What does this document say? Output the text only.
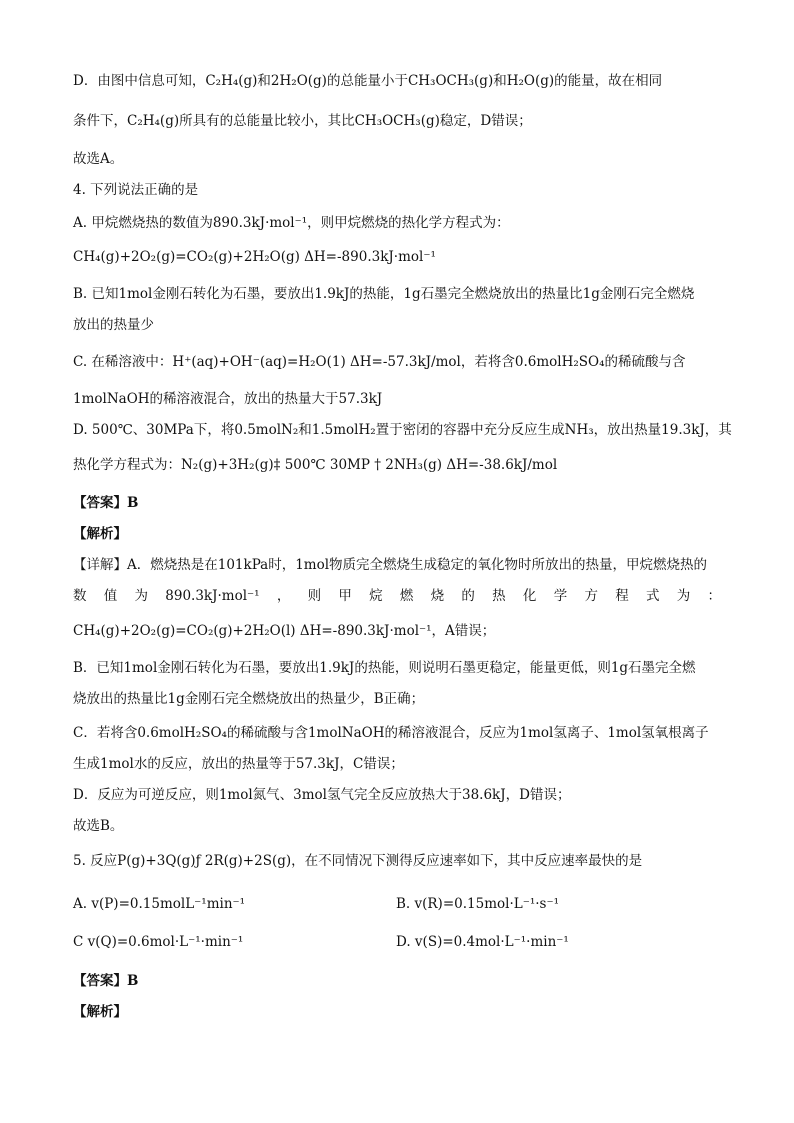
D．由图中信息可知，C₂H₄(g)和2H₂O(g)的总能量小于CH₃OCH₃(g)和H₂O(g)的能量，故在相同
条件下，C₂H₄(g)所具有的总能量比较小，其比CH₃OCH₃(g)稳定，D错误；
故选A。
4. 下列说法正确的是
A. 甲烷燃烧热的数值为890.3kJ·mol⁻¹，则甲烷燃烧的热化学方程式为：
CH₄(g)+2O₂(g)=CO₂(g)+2H₂O(g) ΔH=-890.3kJ·mol⁻¹
B. 已知1mol金刚石转化为石墨，要放出1.9kJ的热能，1g石墨完全燃烧放出的热量比1g金刚石完全燃烧
放出的热量少
C. 在稀溶液中：H⁺(aq)+OH⁻(aq)=H₂O(1) ΔH=-57.3kJ/mol，若将含0.6molH₂SO₄的稀硫酸与含
1molNaOH的稀溶液混合，放出的热量大于57.3kJ
D. 500℃、30MPa下，将0.5molN₂和1.5molH₂置于密闭的容器中充分反应生成NH₃，放出热量19.3kJ，其
热化学方程式为：N₂(g)+3H₂(g)‡ 500℃ 30MP † 2NH₃(g) ΔH=-38.6kJ/mol
【答案】B
【解析】
【详解】A．燃烧热是在101kPa时，1mol物质完全燃烧生成稳定的氧化物时所放出的热量，甲烷燃烧热的
数值为890.3kJ·mol⁻¹，则甲烷燃烧的热化学方程式为：
CH₄(g)+2O₂(g)=CO₂(g)+2H₂O(l) ΔH=-890.3kJ·mol⁻¹，A错误；
B．已知1mol金刚石转化为石墨，要放出1.9kJ的热能，则说明石墨更稳定，能量更低，则1g石墨完全燃
烧放出的热量比1g金刚石完全燃烧放出的热量少，B正确；
C．若将含0.6molH₂SO₄的稀硫酸与含1molNaOH的稀溶液混合，反应为1mol氢离子、1mol氢氧根离子
生成1mol水的反应，放出的热量等于57.3kJ，C错误；
D．反应为可逆反应，则1mol氮气、3mol氢气完全反应放热大于38.6kJ，D错误；
故选B。
5. 反应P(g)+3Q(g)ƒ 2R(g)+2S(g)，在不同情况下测得反应速率如下，其中反应速率最快的是
A. v(P)=0.15mol⁡L⁻¹⁡min⁻¹	B. v(R)=0.15mol·L⁻¹·s⁻¹
C v(Q)=0.6mol·L⁻¹·min⁻¹	D. v(S)=0.4mol·L⁻¹·min⁻¹
【答案】B
【解析】
